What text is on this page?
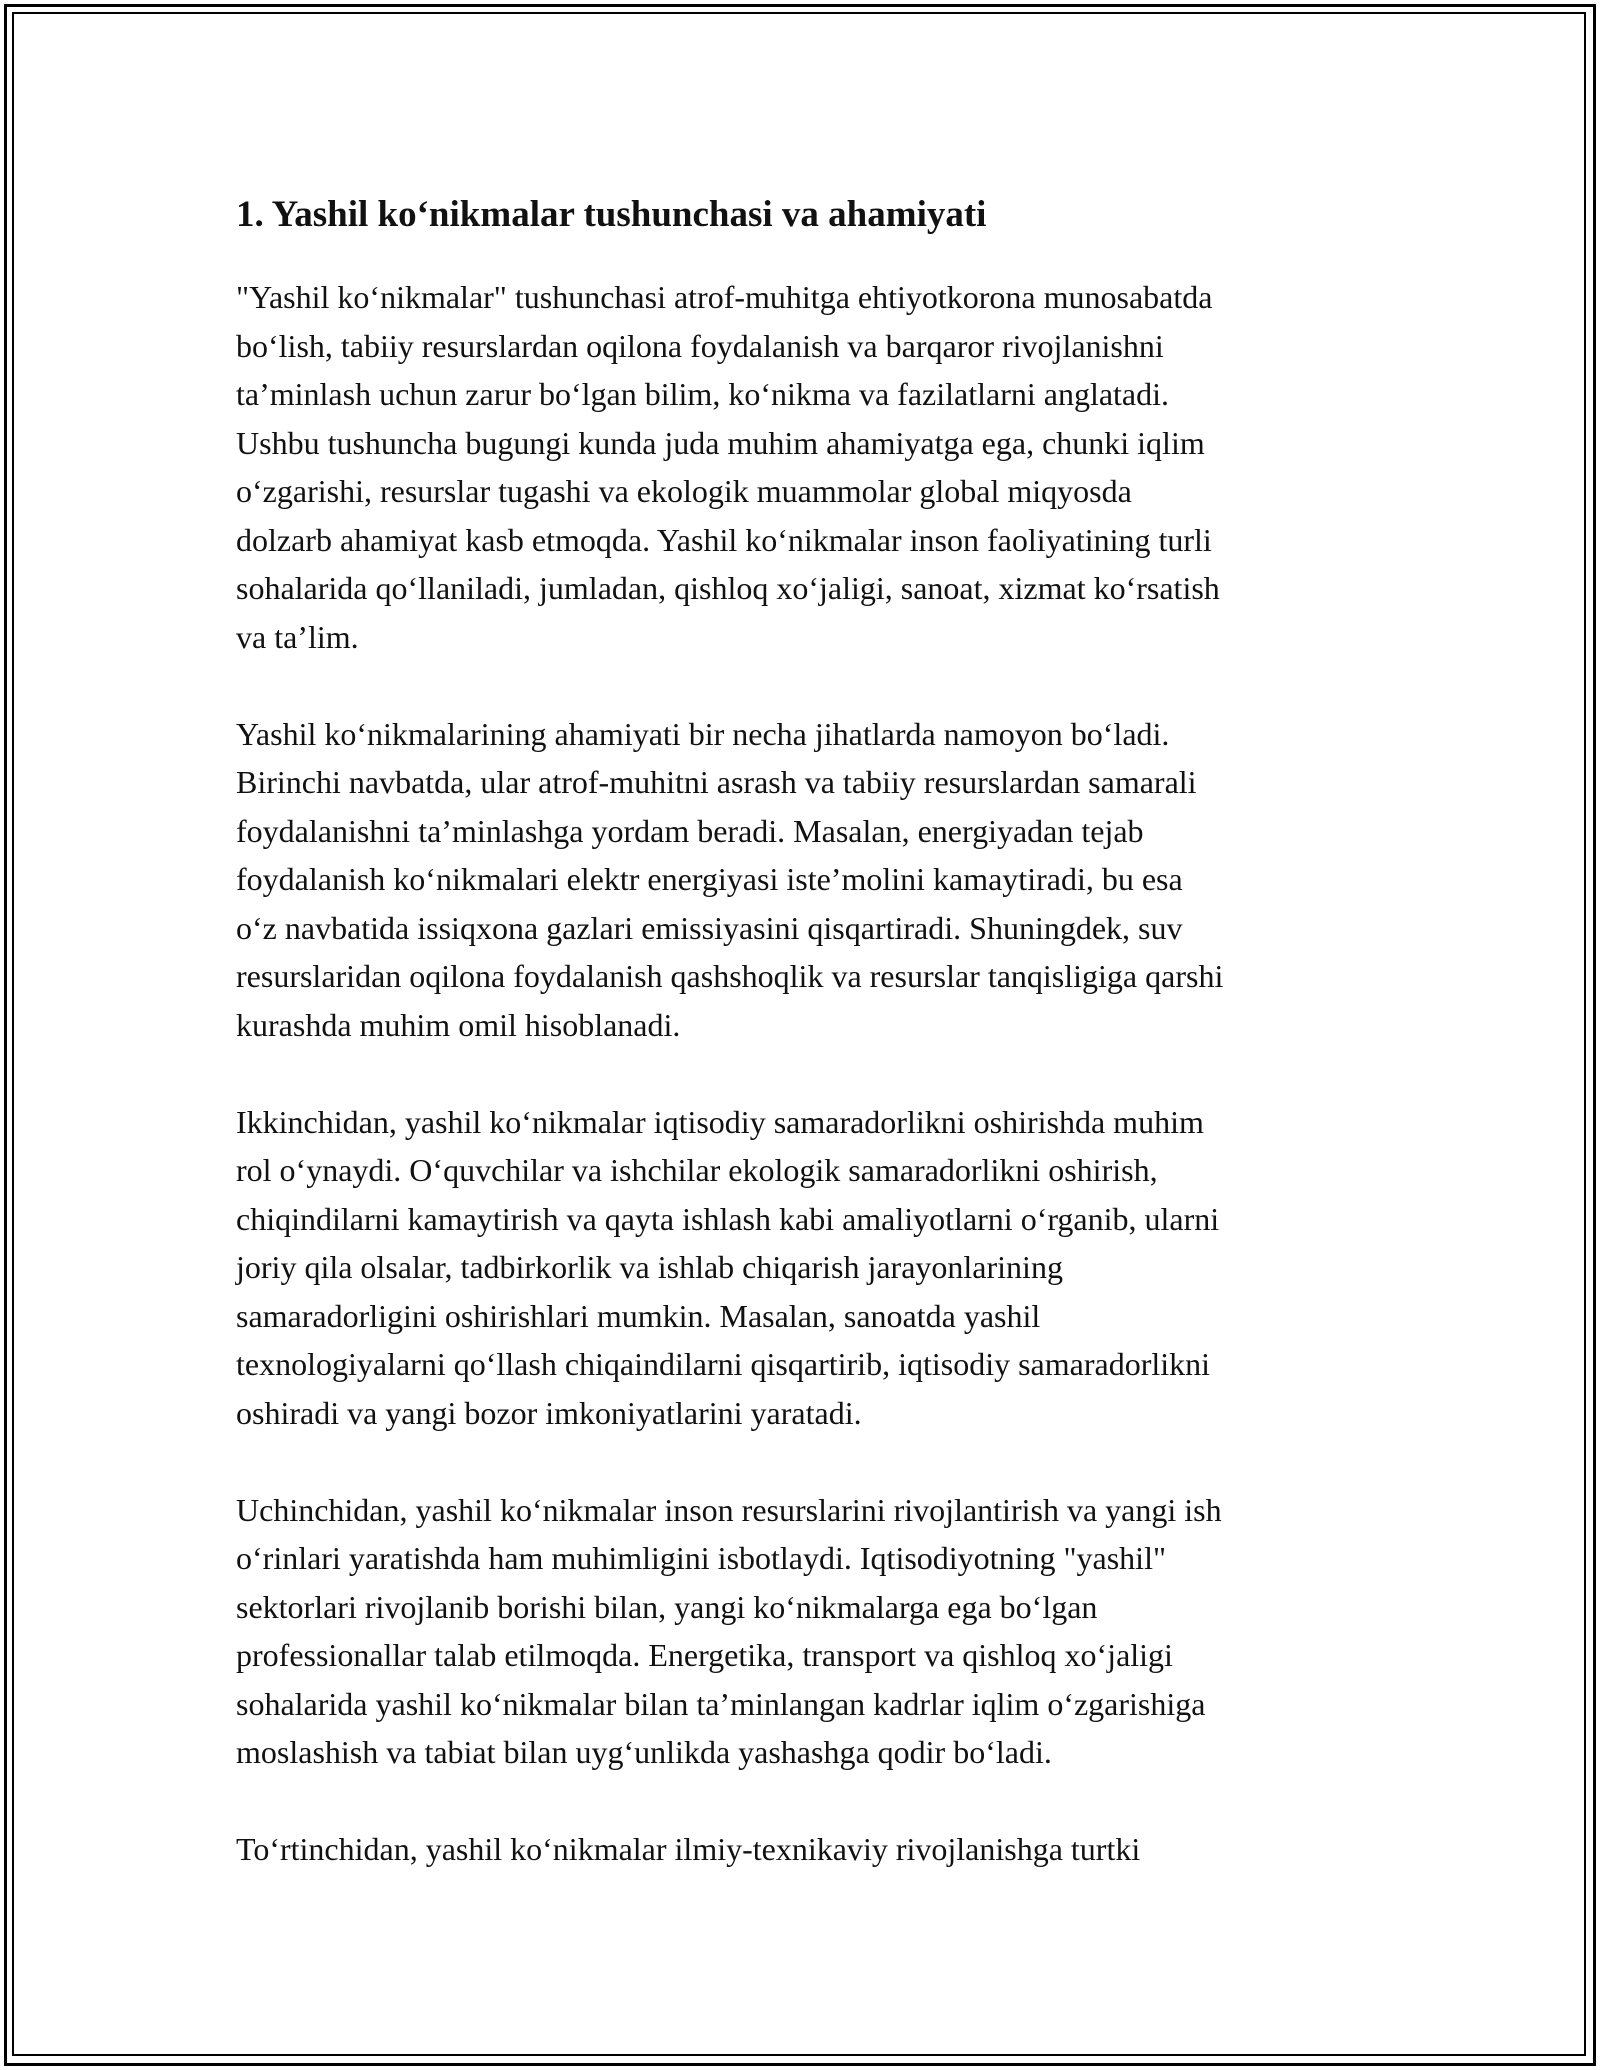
1. Yashil ko‘nikmalar tushunchasi va ahamiyati

"Yashil ko‘nikmalar" tushunchasi atrof-muhitga ehtiyotkorona munosabatda
bo‘lish, tabiiy resurslardan oqilona foydalanish va barqaror rivojlanishni
ta’minlash uchun zarur bo‘lgan bilim, ko‘nikma va fazilatlarni anglatadi.
Ushbu tushuncha bugungi kunda juda muhim ahamiyatga ega, chunki iqlim
o‘zgarishi, resurslar tugashi va ekologik muammolar global miqyosda
dolzarb ahamiyat kasb etmoqda. Yashil ko‘nikmalar inson faoliyatining turli
sohalarida qo‘llaniladi, jumladan, qishloq xo‘jaligi, sanoat, xizmat ko‘rsatish
va ta’lim.

Yashil ko‘nikmalarining ahamiyati bir necha jihatlarda namoyon bo‘ladi.
Birinchi navbatda, ular atrof-muhitni asrash va tabiiy resurslardan samarali
foydalanishni ta’minlashga yordam beradi. Masalan, energiyadan tejab
foydalanish ko‘nikmalari elektr energiyasi iste’molini kamaytiradi, bu esa
o‘z navbatida issiqxona gazlari emissiyasini qisqartiradi. Shuningdek, suv
resurslaridan oqilona foydalanish qashshoqlik va resurslar tanqisligiga qarshi
kurashda muhim omil hisoblanadi.

Ikkinchidan, yashil ko‘nikmalar iqtisodiy samaradorlikni oshirishda muhim
rol o‘ynaydi. O‘quvchilar va ishchilar ekologik samaradorlikni oshirish,
chiqindilarni kamaytirish va qayta ishlash kabi amaliyotlarni o‘rganib, ularni
joriy qila olsalar, tadbirkorlik va ishlab chiqarish jarayonlarining
samaradorligini oshirishlari mumkin. Masalan, sanoatda yashil
texnologiyalarni qo‘llash chiqaindilarni qisqartirib, iqtisodiy samaradorlikni
oshiradi va yangi bozor imkoniyatlarini yaratadi.

Uchinchidan, yashil ko‘nikmalar inson resurslarini rivojlantirish va yangi ish
o‘rinlari yaratishda ham muhimligini isbotlaydi. Iqtisodiyotning "yashil"
sektorlari rivojlanib borishi bilan, yangi ko‘nikmalarga ega bo‘lgan
professionallar talab etilmoqda. Energetika, transport va qishloq xo‘jaligi
sohalarida yashil ko‘nikmalar bilan ta’minlangan kadrlar iqlim o‘zgarishiga
moslashish va tabiat bilan uyg‘unlikda yashashga qodir bo‘ladi.

To‘rtinchidan, yashil ko‘nikmalar ilmiy-texnikaviy rivojlanishga turtki
